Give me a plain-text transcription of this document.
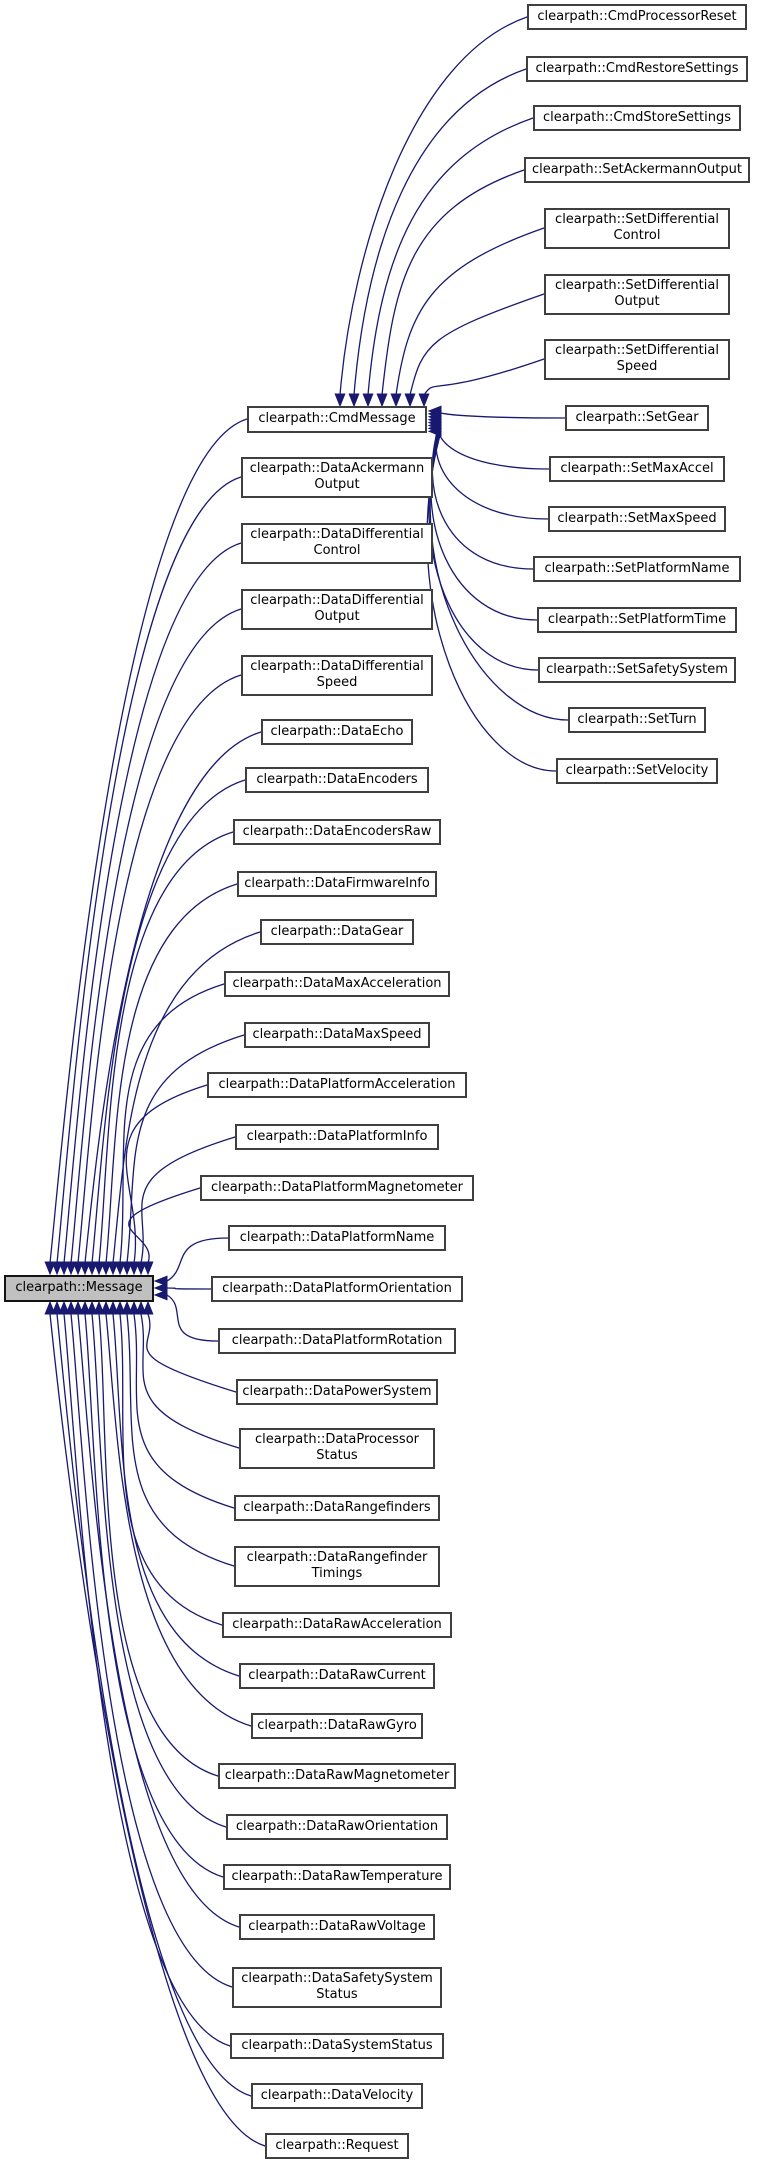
clearpath::Message
clearpath::CmdMessage
clearpath::DataAckermann
Output
clearpath::DataDifferential
Control
clearpath::DataDifferential
Output
clearpath::DataDifferential
Speed
clearpath::DataEcho
clearpath::DataEncoders
clearpath::DataEncodersRaw
clearpath::DataFirmwareInfo
clearpath::DataGear
clearpath::DataMaxAcceleration
clearpath::DataMaxSpeed
clearpath::DataPlatformAcceleration
clearpath::DataPlatformInfo
clearpath::DataPlatformMagnetometer
clearpath::DataPlatformName
clearpath::DataPlatformOrientation
clearpath::DataPlatformRotation
clearpath::DataPowerSystem
clearpath::DataProcessor
Status
clearpath::DataRangefinders
clearpath::DataRangefinder
Timings
clearpath::DataRawAcceleration
clearpath::DataRawCurrent
clearpath::DataRawGyro
clearpath::DataRawMagnetometer
clearpath::DataRawOrientation
clearpath::DataRawTemperature
clearpath::DataRawVoltage
clearpath::DataSafetySystem
Status
clearpath::DataSystemStatus
clearpath::DataVelocity
clearpath::Request
clearpath::CmdProcessorReset
clearpath::CmdRestoreSettings
clearpath::CmdStoreSettings
clearpath::SetAckermannOutput
clearpath::SetDifferential
Control
clearpath::SetDifferential
Output
clearpath::SetDifferential
Speed
clearpath::SetGear
clearpath::SetMaxAccel
clearpath::SetMaxSpeed
clearpath::SetPlatformName
clearpath::SetPlatformTime
clearpath::SetSafetySystem
clearpath::SetTurn
clearpath::SetVelocity
